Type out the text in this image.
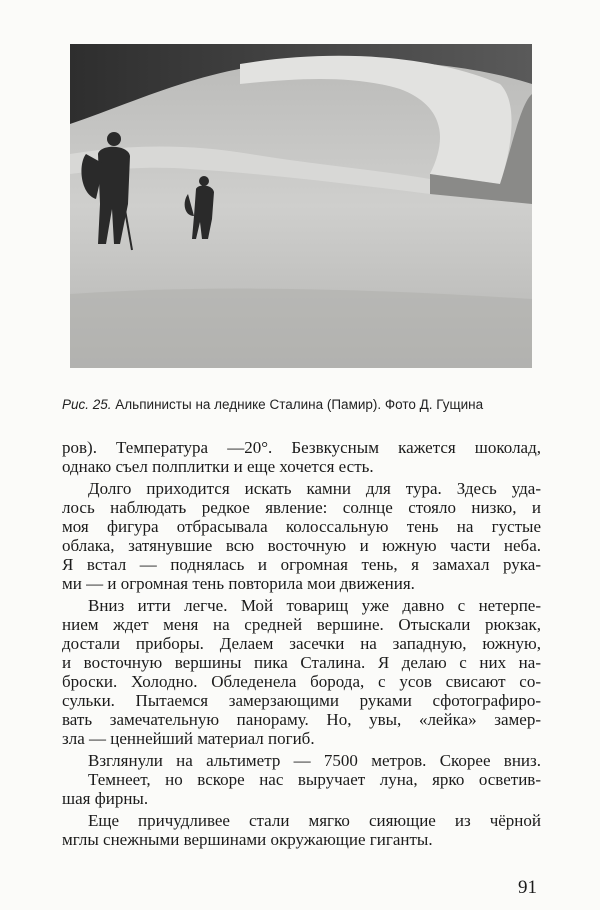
Рис. 25. Альпинисты на леднике Сталина (Памир). Фото Д. Гущина
ров). Температура —20°. Безвкусным кажется шоколад,
однако съел полплитки и еще хочется есть.
Долго приходится искать камни для тура. Здесь уда-
лось наблюдать редкое явление: солнце стояло низко, и
моя фигура отбрасывала колоссальную тень на густые
облака, затянувшие всю восточную и южную части неба.
Я встал — поднялась и огромная тень, я замахал рука-
ми — и огромная тень повторила мои движения.
Вниз итти легче. Мой товарищ уже давно с нетерпе-
нием ждет меня на средней вершине. Отыскали рюкзак,
достали приборы. Делаем засечки на западную, южную,
и восточную вершины пика Сталина. Я делаю с них на-
броски. Холодно. Обледенела борода, с усов свисают со-
сульки. Пытаемся замерзающими руками сфотографиро-
вать замечательную панораму. Но, увы, «лейка» замер-
зла — ценнейший материал погиб.
Взглянули на альтиметр — 7500 метров. Скорее вниз.
Темнеет, но вскоре нас выручает луна, ярко осветив-
шая фирны.
Еще причудливее стали мягко сияющие из чёрной
мглы снежными вершинами окружающие гиганты.
91
